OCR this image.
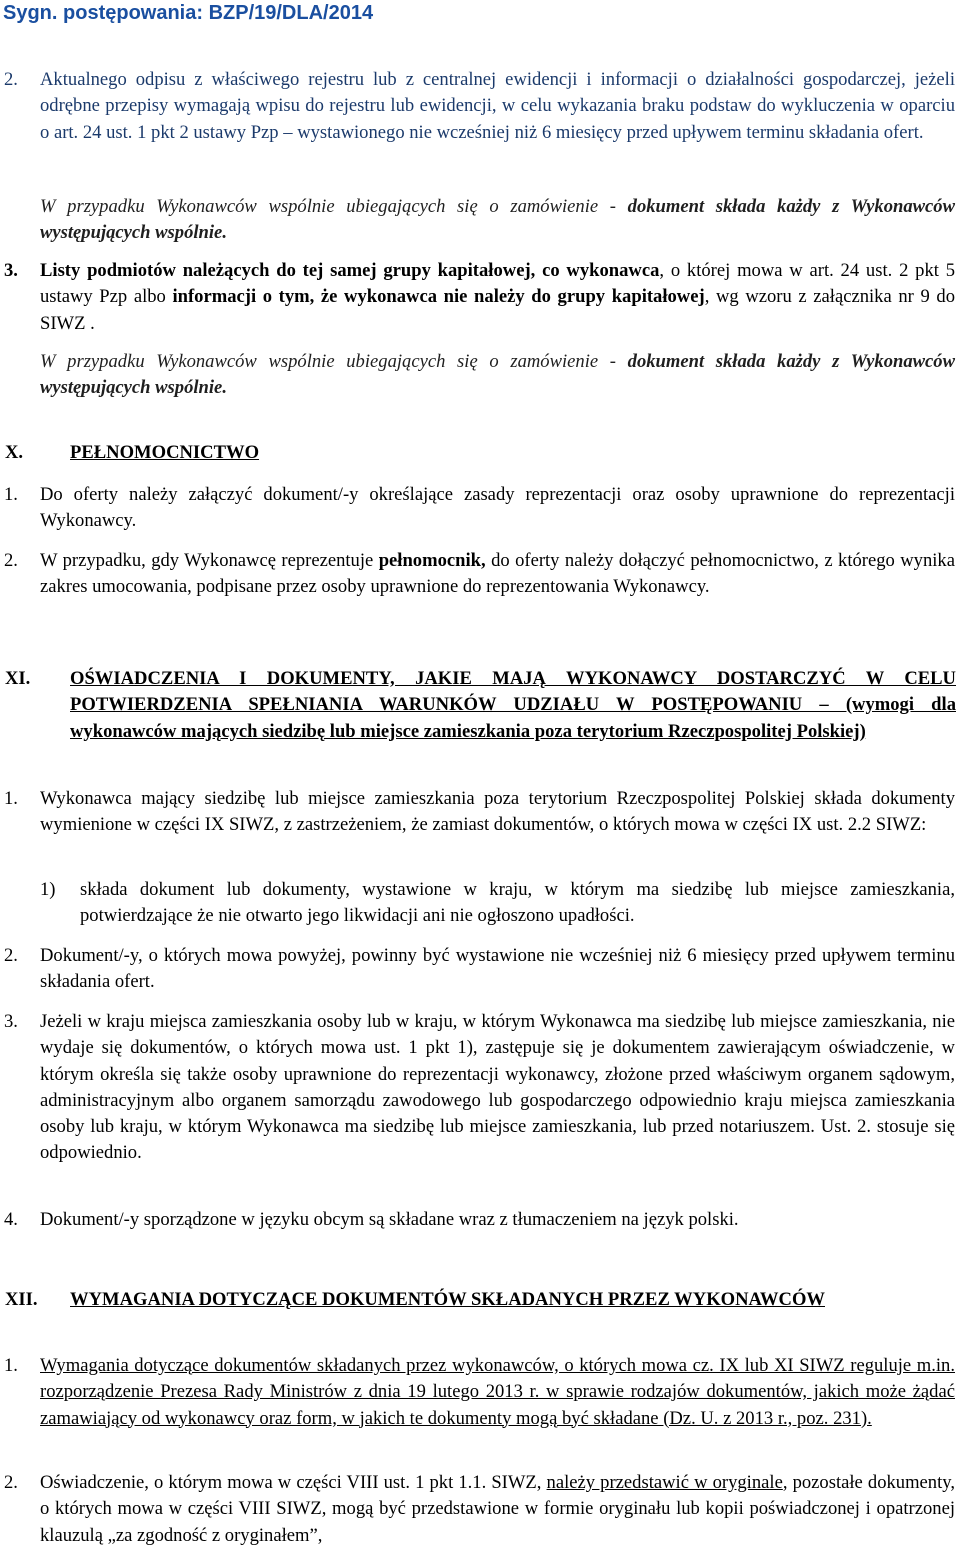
Sygn. postępowania: BZP/19/DLA/2014
2. Aktualnego odpisu z właściwego rejestru lub z centralnej ewidencji i informacji o działalności gospodarczej, jeżeli odrębne przepisy wymagają wpisu do rejestru lub ewidencji, w celu wykazania braku podstaw do wykluczenia w oparciu o art. 24 ust. 1 pkt 2 ustawy Pzp – wystawionego nie wcześniej niż 6 miesięcy przed upływem terminu składania ofert.
W przypadku Wykonawców wspólnie ubiegających się o zamówienie - dokument składa każdy z Wykonawców występujących wspólnie.
3. Listy podmiotów należących do tej samej grupy kapitałowej, co wykonawca, o której mowa w art. 24 ust. 2 pkt 5 ustawy Pzp albo informacji o tym, że wykonawca nie należy do grupy kapitałowej, wg wzoru z załącznika nr 9 do SIWZ .
W przypadku Wykonawców wspólnie ubiegających się o zamówienie - dokument składa każdy z Wykonawców występujących wspólnie.
X.	PEŁNOMOCNICTWO
1. Do oferty należy załączyć dokument/-y określające zasady reprezentacji oraz osoby uprawnione do reprezentacji Wykonawcy.
2. W przypadku, gdy Wykonawcę reprezentuje pełnomocnik, do oferty należy dołączyć pełnomocnictwo, z którego wynika zakres umocowania, podpisane przez osoby uprawnione do reprezentowania Wykonawcy.
XI. OŚWIADCZENIA I DOKUMENTY, JAKIE MAJĄ WYKONAWCY DOSTARCZYĆ W CELU POTWIERDZENIA SPEŁNIANIA WARUNKÓW UDZIAŁU W POSTĘPOWANIU – (wymogi dla wykonawców mających siedzibę lub miejsce zamieszkania poza terytorium Rzeczpospolitej Polskiej)
1. Wykonawca mający siedzibę lub miejsce zamieszkania poza terytorium Rzeczpospolitej Polskiej składa dokumenty wymienione w części IX SIWZ, z zastrzeżeniem, że zamiast dokumentów, o których mowa w części IX ust. 2.2 SIWZ:
1) składa dokument lub dokumenty, wystawione w kraju, w którym ma siedzibę lub miejsce zamieszkania, potwierdzające że nie otwarto jego likwidacji ani nie ogłoszono upadłości.
2. Dokument/-y, o których mowa powyżej, powinny być wystawione nie wcześniej niż 6 miesięcy przed upływem terminu składania ofert.
3. Jeżeli w kraju miejsca zamieszkania osoby lub w kraju, w którym Wykonawca ma siedzibę lub miejsce zamieszkania, nie wydaje się dokumentów, o których mowa ust. 1 pkt 1), zastępuje się je dokumentem zawierającym oświadczenie, w którym określa się także osoby uprawnione do reprezentacji wykonawcy, złożone przed właściwym organem sądowym, administracyjnym albo organem samorządu zawodowego lub gospodarczego odpowiednio kraju miejsca zamieszkania osoby lub kraju, w którym Wykonawca ma siedzibę lub miejsce zamieszkania, lub przed notariuszem. Ust. 2. stosuje się odpowiednio.
4. Dokument/-y sporządzone w języku obcym są składane wraz z tłumaczeniem na język polski.
XII. WYMAGANIA DOTYCZĄCE DOKUMENTÓW SKŁADANYCH PRZEZ WYKONAWCÓW
1. Wymagania dotyczące dokumentów składanych przez wykonawców, o których mowa cz. IX lub XI SIWZ reguluje m.in. rozporządzenie Prezesa Rady Ministrów z dnia 19 lutego 2013 r. w sprawie rodzajów dokumentów, jakich może żądać zamawiający od wykonawcy oraz form, w jakich te dokumenty mogą być składane (Dz. U. z 2013 r., poz. 231).
2. Oświadczenie, o którym mowa w części VIII ust. 1 pkt 1.1. SIWZ, należy przedstawić w oryginale, pozostałe dokumenty, o których mowa w części VIII SIWZ, mogą być przedstawione w formie oryginału lub kopii poświadczonej i opatrzonej klauzulą „za zgodność z oryginałem”,
